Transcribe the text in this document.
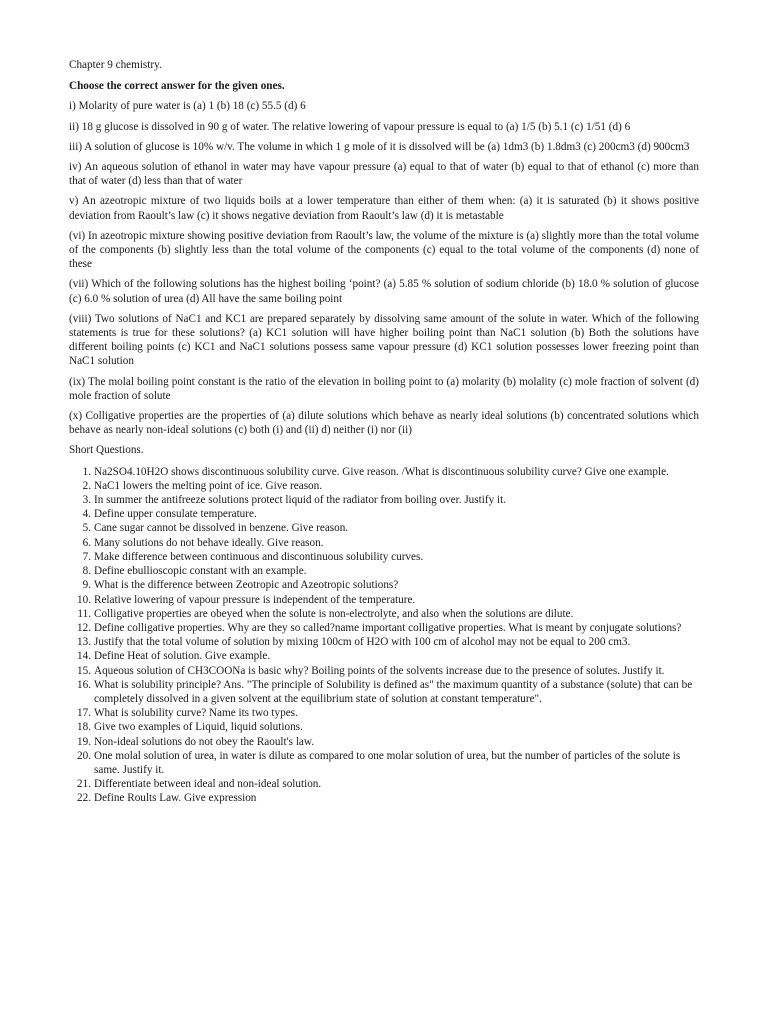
Chapter 9 chemistry.
Choose the correct answer for the given ones.
i) Molarity of pure water is (a) 1 (b) 18 (c) 55.5 (d) 6
ii) 18 g glucose is dissolved in 90 g of water. The relative lowering of vapour pressure is equal to (a) 1/5 (b) 5.1 (c) 1/51 (d) 6
iii) A solution of glucose is 10% w/v. The volume in which 1 g mole of it is dissolved will be (a) 1dm3 (b) 1.8dm3 (c) 200cm3 (d) 900cm3
iv) An aqueous solution of ethanol in water may have vapour pressure (a) equal to that of water (b) equal to that of ethanol (c) more than that of water (d) less than that of water
v) An azeotropic mixture of two liquids boils at a lower temperature than either of them when: (a) it is saturated (b) it shows positive deviation from Raoult’s law (c) it shows negative deviation from Raoult’s law (d) it is metastable
(vi) In azeotropic mixture showing positive deviation from Raoult’s law, the volume of the mixture is (a) slightly more than the total volume of the components (b) slightly less than the total volume of the components (c) equal to the total volume of the components (d) none of these
(vii) Which of the following solutions has the highest boiling ‘point? (a) 5.85 % solution of sodium chloride (b) 18.0 % solution of glucose (c) 6.0 % solution of urea (d) All have the same boiling point
(viii) Two solutions of NaC1 and KC1 are prepared separately by dissolving same amount of the solute in water. Which of the following statements is true for these solutions? (a) KC1 solution will have higher boiling point than NaC1 solution (b) Both the solutions have different boiling points (c) KC1 and NaC1 solutions possess same vapour pressure (d) KC1 solution possesses lower freezing point than NaC1 solution
(ix) The molal boiling point constant is the ratio of the elevation in boiling point to (a) molarity (b) molality (c) mole fraction of solvent (d) mole fraction of solute
(x) Colligative properties are the properties of (a) dilute solutions which behave as nearly ideal solutions (b) concentrated solutions which behave as nearly non-ideal solutions (c) both (i) and (ii) d) neither (i) nor (ii)
Short Questions.
1. Na2SO4.10H2O shows discontinuous solubility curve. Give reason. /What is discontinuous solubility curve? Give one example.
2. NaC1 lowers the melting point of ice. Give reason.
3. In summer the antifreeze solutions protect liquid of the radiator from boiling over. Justify it.
4. Define upper consulate temperature.
5. Cane sugar cannot be dissolved in benzene. Give reason.
6. Many solutions do not behave ideally. Give reason.
7. Make difference between continuous and discontinuous solubility curves.
8. Define ebullioscopic constant with an example.
9. What is the difference between Zeotropic and Azeotropic solutions?
10. Relative lowering of vapour pressure is independent of the temperature.
11. Colligative properties are obeyed when the solute is non-electrolyte, and also when the solutions are dilute.
12. Define colligative properties. Why are they so called?name important colligative properties. What is meant by conjugate solutions?
13. Justify that the total volume of solution by mixing 100cm of H2O with 100 cm of alcohol may not be equal to 200 cm3.
14. Define Heat of solution. Give example.
15. Aqueous solution of CH3COONa is basic why? Boiling points of the solvents increase due to the presence of solutes. Justify it.
16. What is solubility principle? Ans. "The principle of Solubility is defined as" the maximum quantity of a substance (solute) that can be completely dissolved in a given solvent at the equilibrium state of solution at constant temperature".
17. What is solubility curve? Name its two types.
18. Give two examples of Liquid, liquid solutions.
19. Non-ideal solutions do not obey the Raoult's law.
20. One molal solution of urea, in water is dilute as compared to one molar solution of urea, but the number of particles of the solute is same. Justify it.
21. Differentiate between ideal and non-ideal solution.
22. Define Roults Law. Give expression
